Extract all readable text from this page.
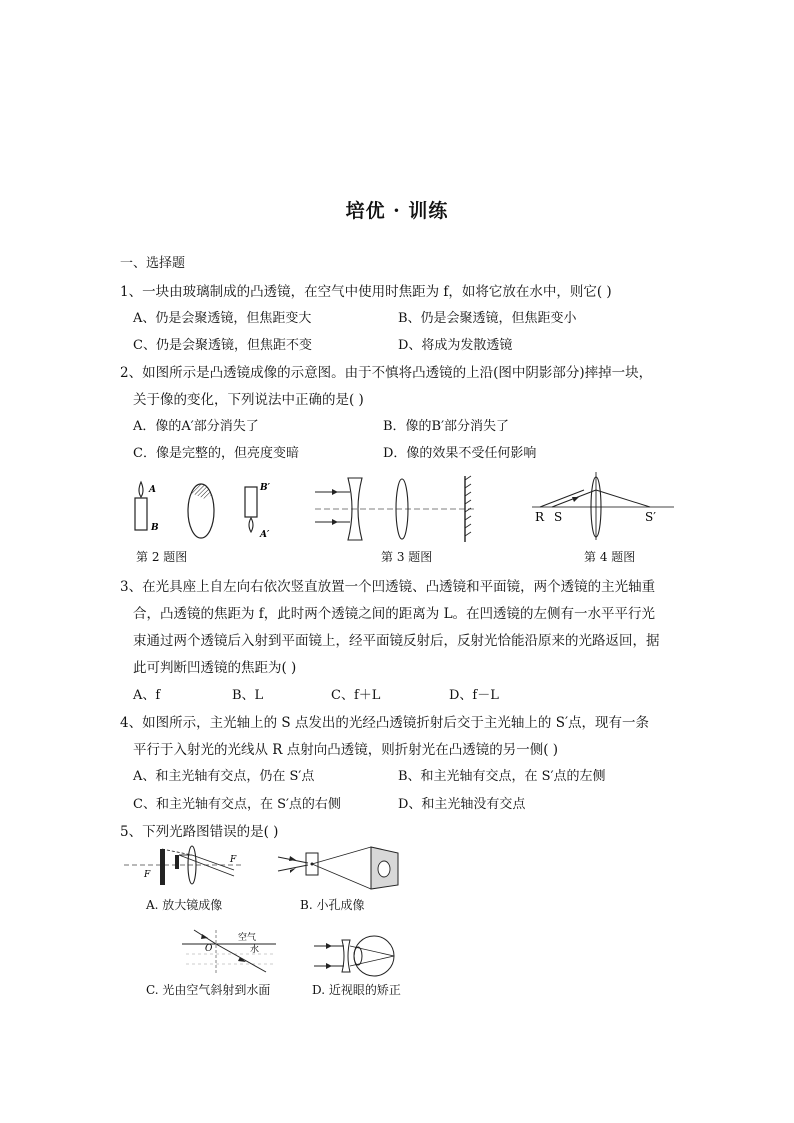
培优 · 训练
一、选择题
1、一块由玻璃制成的凸透镜，在空气中使用时焦距为 f，如将它放在水中，则它( )
A、仍是会聚透镜，但焦距变大	B、仍是会聚透镜，但焦距变小
C、仍是会聚透镜，但焦距不变	D、将成为发散透镜
2、如图所示是凸透镜成像的示意图。由于不慎将凸透镜的上沿(图中阴影部分)摔掉一块，
关于像的变化，下列说法中正确的是( )
A．像的A′部分消失了	B．像的B′部分消失了
C．像是完整的，但亮度变暗	D．像的效果不受任何影响
A
B
B′
A′
R S	S′
第 2 题图	第 3 题图	第 4 题图
3、在光具座上自左向右依次竖直放置一个凹透镜、凸透镜和平面镜，两个透镜的主光轴重
合，凸透镜的焦距为 f，此时两个透镜之间的距离为 L。在凹透镜的左侧有一水平平行光
束通过两个透镜后入射到平面镜上，经平面镜反射后，反射光恰能沿原来的光路返回，据
此可判断凹透镜的焦距为( )
A、f	B、L	C、f＋L	D、f－L
4、如图所示，主光轴上的 S 点发出的光经凸透镜折射后交于主光轴上的 S′点，现有一条
平行于入射光的光线从 R 点射向凸透镜，则折射光在凸透镜的另一侧( )
A、和主光轴有交点，仍在 S′点	B、和主光轴有交点，在 S′点的左侧
C、和主光轴有交点，在 S′点的右侧	D、和主光轴没有交点
5、下列光路图错误的是( )
F
F
A. 放大镜成像	B. 小孔成像
O
空气
水
C. 光由空气斜射到水面	D. 近视眼的矫正
